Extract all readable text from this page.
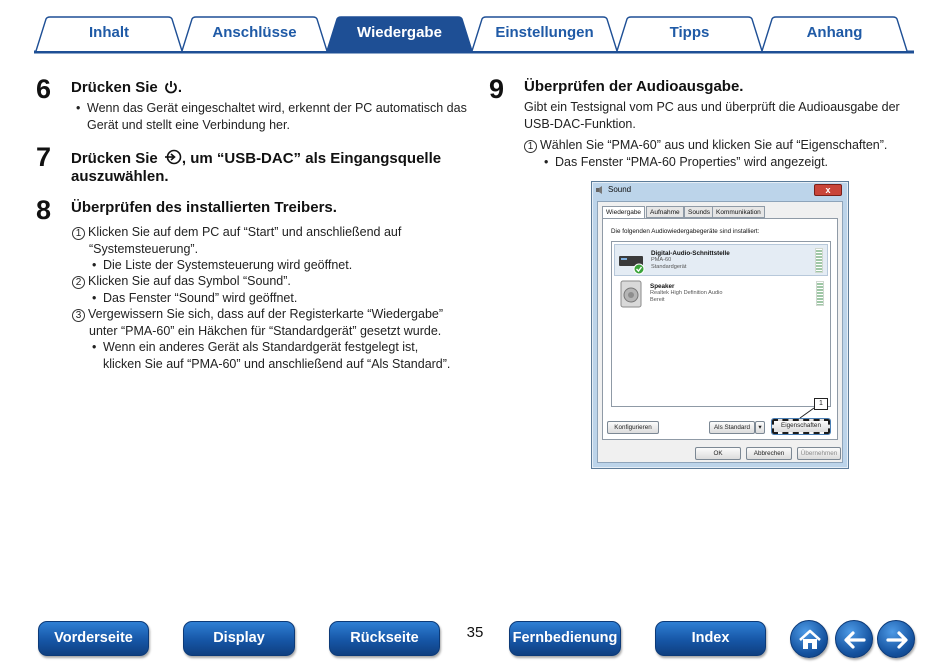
Inhalt	Anschlüsse	Wiedergabe	Einstellungen	Tipps	Anhang
6 Drücken Sie .
• Wenn das Gerät eingeschaltet wird, erkennt der PC automatisch das Gerät und stellt eine Verbindung her.
7 Drücken Sie , um “USB-DAC” als Eingangsquelle
auszuwählen.
8 Überprüfen des installierten Treibers.
1 Klicken Sie auf dem PC auf “Start” und anschließend auf
“Systemsteuerung”.
• Die Liste der Systemsteuerung wird geöffnet.
2 Klicken Sie auf das Symbol “Sound”.
• Das Fenster “Sound” wird geöffnet.
3 Vergewissern Sie sich, dass auf der Registerkarte “Wiedergabe”
unter “PMA-60” ein Häkchen für “Standardgerät” gesetzt wurde.
• Wenn ein anderes Gerät als Standardgerät festgelegt ist,
klicken Sie auf “PMA-60” und anschließend auf “Als Standard”.
9 Überprüfen der Audioausgabe.
Gibt ein Testsignal vom PC aus und überprüft die Audioausgabe der
USB-DAC-Funktion.
1 Wählen Sie “PMA-60” aus und klicken Sie auf “Eigenschaften”.
• Das Fenster “PMA-60 Properties” wird angezeigt.
Sound	x
Wiedergabe	Aufnahme	Sounds Kommunikation
Die folgenden Audiowiedergabegeräte sind installiert:
Digital-Audio-Schnittstelle
PMA-60
Standardgerät
Speaker
Realtek High Definition Audio
Bereit
Konfigurieren	Als Standard	▾	Eigenschaften
OK	Abbrechen	Übernehmen
1
Vorderseite	Display	Rückseite	35	Fernbedienung	Index
